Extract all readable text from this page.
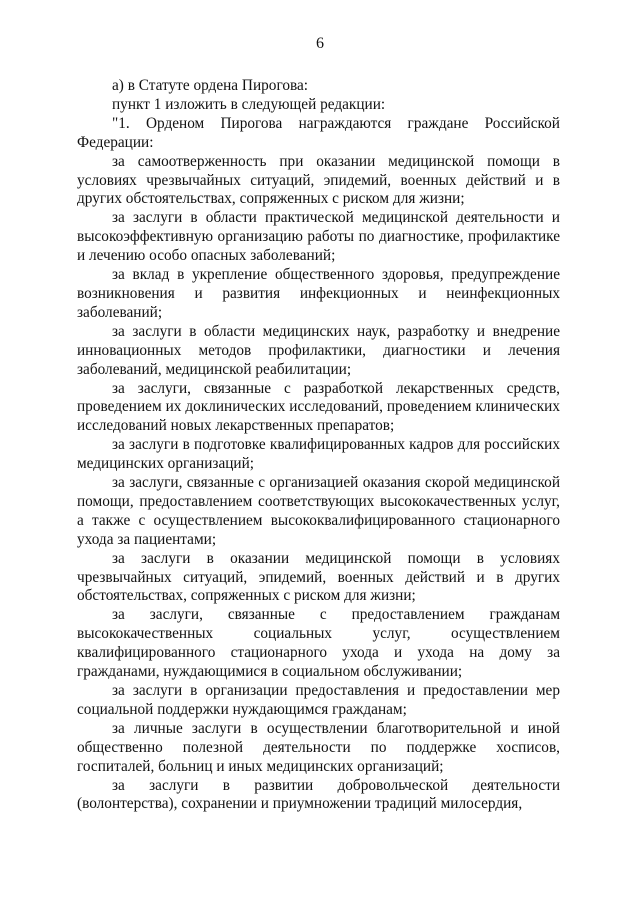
6

а) в Статуте ордена Пирогова:

пункт 1 изложить в следующей редакции:

"1. Орденом Пирогова награждаются граждане Российской Федерации:

за самоотверженность при оказании медицинской помощи в условиях чрезвычайных ситуаций, эпидемий, военных действий и в других обстоятельствах, сопряженных с риском для жизни;

за заслуги в области практической медицинской деятельности и высокоэффективную организацию работы по диагностике, профилактике и лечению особо опасных заболеваний;

за вклад в укрепление общественного здоровья, предупреждение возникновения и развития инфекционных и неинфекционных заболеваний;

за заслуги в области медицинских наук, разработку и внедрение инновационных методов профилактики, диагностики и лечения заболеваний, медицинской реабилитации;

за заслуги, связанные с разработкой лекарственных средств, проведением их доклинических исследований, проведением клинических исследований новых лекарственных препаратов;

за заслуги в подготовке квалифицированных кадров для российских медицинских организаций;

за заслуги, связанные с организацией оказания скорой медицинской помощи, предоставлением соответствующих высококачественных услуг, а также с осуществлением высококвалифицированного стационарного ухода за пациентами;

за заслуги в оказании медицинской помощи в условиях чрезвычайных ситуаций, эпидемий, военных действий и в других обстоятельствах, сопряженных с риском для жизни;

за заслуги, связанные с предоставлением гражданам высококачественных социальных услуг, осуществлением квалифицированного стационарного ухода и ухода на дому за гражданами, нуждающимися в социальном обслуживании;

за заслуги в организации предоставления и предоставлении мер социальной поддержки нуждающимся гражданам;

за личные заслуги в осуществлении благотворительной и иной общественно полезной деятельности по поддержке хосписов, госпиталей, больниц и иных медицинских организаций;

за заслуги в развитии добровольческой деятельности (волонтерства), сохранении и приумножении традиций милосердия,
